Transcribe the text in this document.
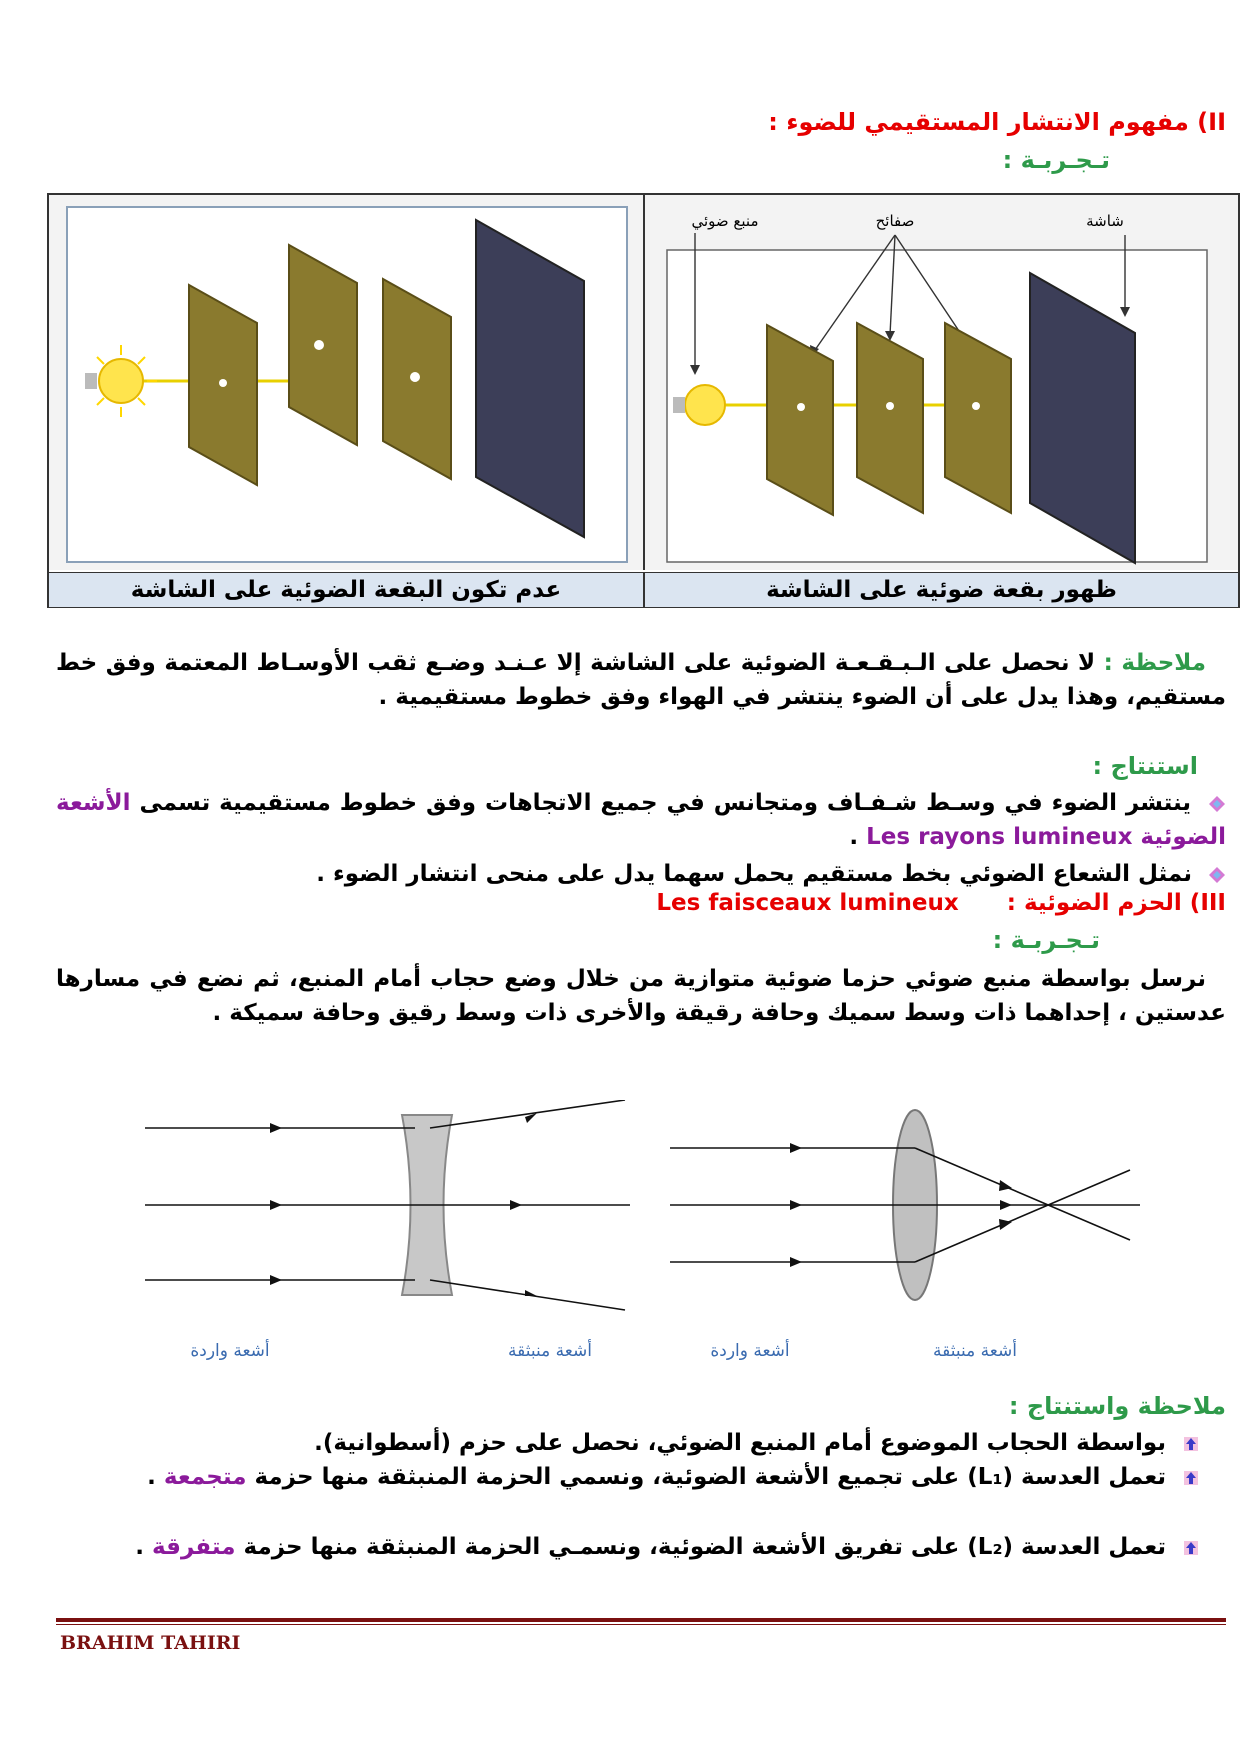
II) مفهوم الانتشار المستقيمي للضوء :
تـجـربـة :
منبع ضوئي	صفائح	شاشة
عدم تكون البقعة الضوئية على الشاشة	ظهور بقعة ضوئية على الشاشة
ملاحظة : لا نحصل على الـبـقـعـة الضوئية على الشاشة إلا عـنـد وضـع ثقب الأوسـاط المعتمة وفق خط مستقيم، وهذا يدل على أن الضوء ينتشر في الهواء وفق خطوط مستقيمية .
استنتاج :
ينتشر الضوء في وسـط شـفـاف ومتجانس في جميع الاتجاهات وفق خطوط مستقيمية تسمى الأشعة الضوئية Les rayons lumineux .
نمثل الشعاع الضوئي بخط مستقيم يحمل سهما يدل على منحى انتشار الضوء .
III) الحزم الضوئية : Les faisceaux lumineux
تـجـربـة :
نرسل بواسطة منبع ضوئي حزما ضوئية متوازية من خلال وضع حجاب أمام المنبع، ثم نضع في مسارها عدستين ، إحداهما ذات وسط سميك وحافة رقيقة والأخرى ذات وسط رقيق وحافة سميكة .
أشعة واردة	أشعة منبثقة	أشعة واردة	أشعة منبثقة
ملاحظة واستنتاج :
بواسطة الحجاب الموضوع أمام المنبع الضوئي، نحصل على حزم (أسطوانية).
تعمل العدسة (L₁) على تجميع الأشعة الضوئية، ونسمي الحزمة المنبثقة منها حزمة متجمعة .
تعمل العدسة (L₂) على تفريق الأشعة الضوئية، ونسمـي الحزمة المنبثقة منها حزمة متفرقة .
BRAHIM TAHIRI
